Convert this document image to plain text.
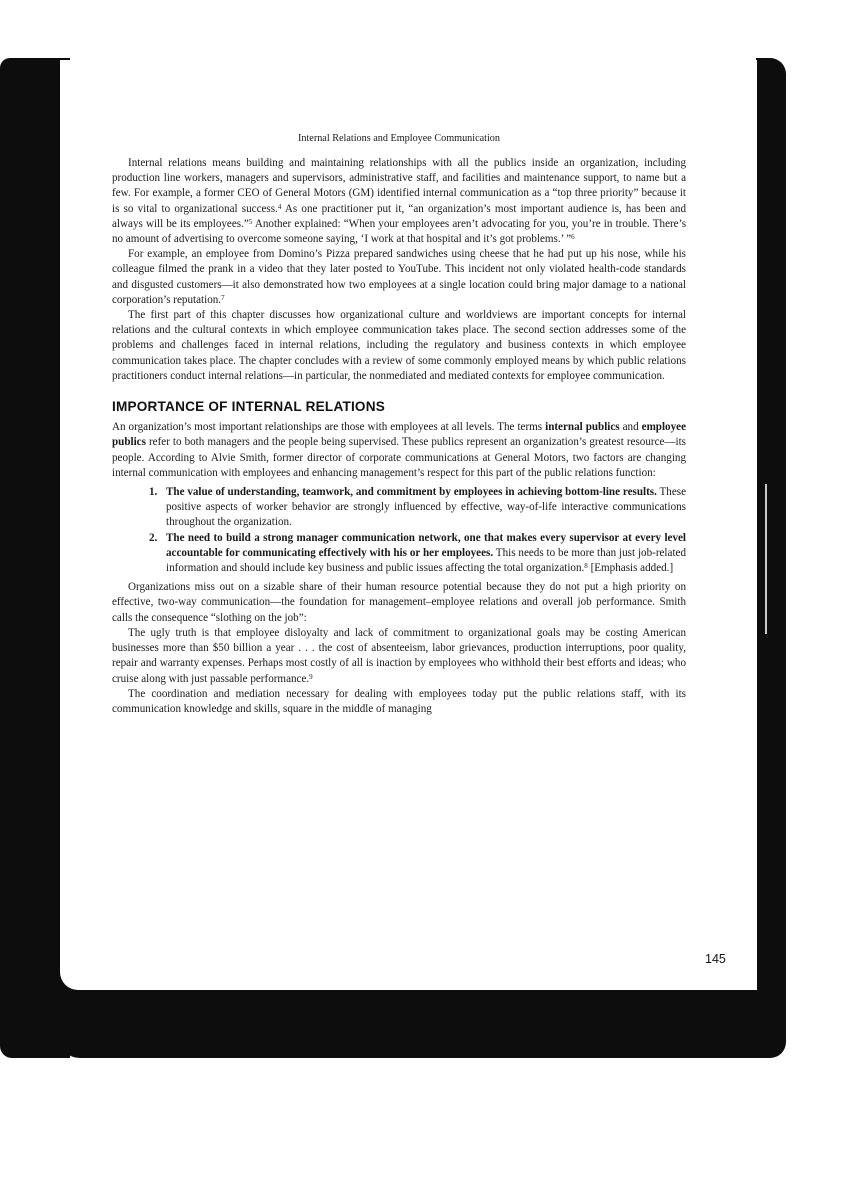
Internal Relations and Employee Communication

Internal relations means building and maintaining relationships with all the publics inside an organization, including production line workers, managers and supervisors, administrative staff, and facilities and maintenance support, to name but a few. For example, a former CEO of General Motors (GM) identified internal communication as a “top three priority” because it is so vital to organizational success.$^4$ As one practitioner put it, “an organization’s most important audience is, has been and always will be its employees.”$^5$ Another explained: “When your employees aren’t advocating for you, you’re in trouble. There’s no amount of advertising to overcome someone saying, ‘I work at that hospital and it’s got problems.’ ”$^6$

For example, an employee from Domino’s Pizza prepared sandwiches using cheese that he had put up his nose, while his colleague filmed the prank in a video that they later posted to YouTube. This incident not only violated health-code standards and disgusted customers—it also demonstrated how two employees at a single location could bring major damage to a national corporation’s reputation.$^7$

The first part of this chapter discusses how organizational culture and worldviews are important concepts for internal relations and the cultural contexts in which employee communication takes place. The second section addresses some of the problems and challenges faced in internal relations, including the regulatory and business contexts in which employee communication takes place. The chapter concludes with a review of some commonly employed means by which public relations practitioners conduct internal relations—in particular, the nonmediated and mediated contexts for employee communication.

IMPORTANCE OF INTERNAL RELATIONS

An organization’s most important relationships are those with employees at all levels. The terms internal publics and employee publics refer to both managers and the people being supervised. These publics represent an organization’s greatest resource—its people. According to Alvie Smith, former director of corporate communications at General Motors, two factors are changing internal communication with employees and enhancing management’s respect for this part of the public relations function:

1. The value of understanding, teamwork, and commitment by employees in achieving bottom-line results. These positive aspects of worker behavior are strongly influenced by effective, way-of-life interactive communications throughout the organization.
2. The need to build a strong manager communication network, one that makes every supervisor at every level accountable for communicating effectively with his or her employees. This needs to be more than just job-related information and should include key business and public issues affecting the total organization.$^8$ [Emphasis added.]

Organizations miss out on a sizable share of their human resource potential because they do not put a high priority on effective, two-way communication—the foundation for management–employee relations and overall job performance. Smith calls the consequence “slothing on the job”:

The ugly truth is that employee disloyalty and lack of commitment to organizational goals may be costing American businesses more than $50 billion a year . . . the cost of absenteeism, labor grievances, production interruptions, poor quality, repair and warranty expenses. Perhaps most costly of all is inaction by employees who withhold their best efforts and ideas; who cruise along with just passable performance.$^9$

The coordination and mediation necessary for dealing with employees today put the public relations staff, with its communication knowledge and skills, square in the middle of managing

145
